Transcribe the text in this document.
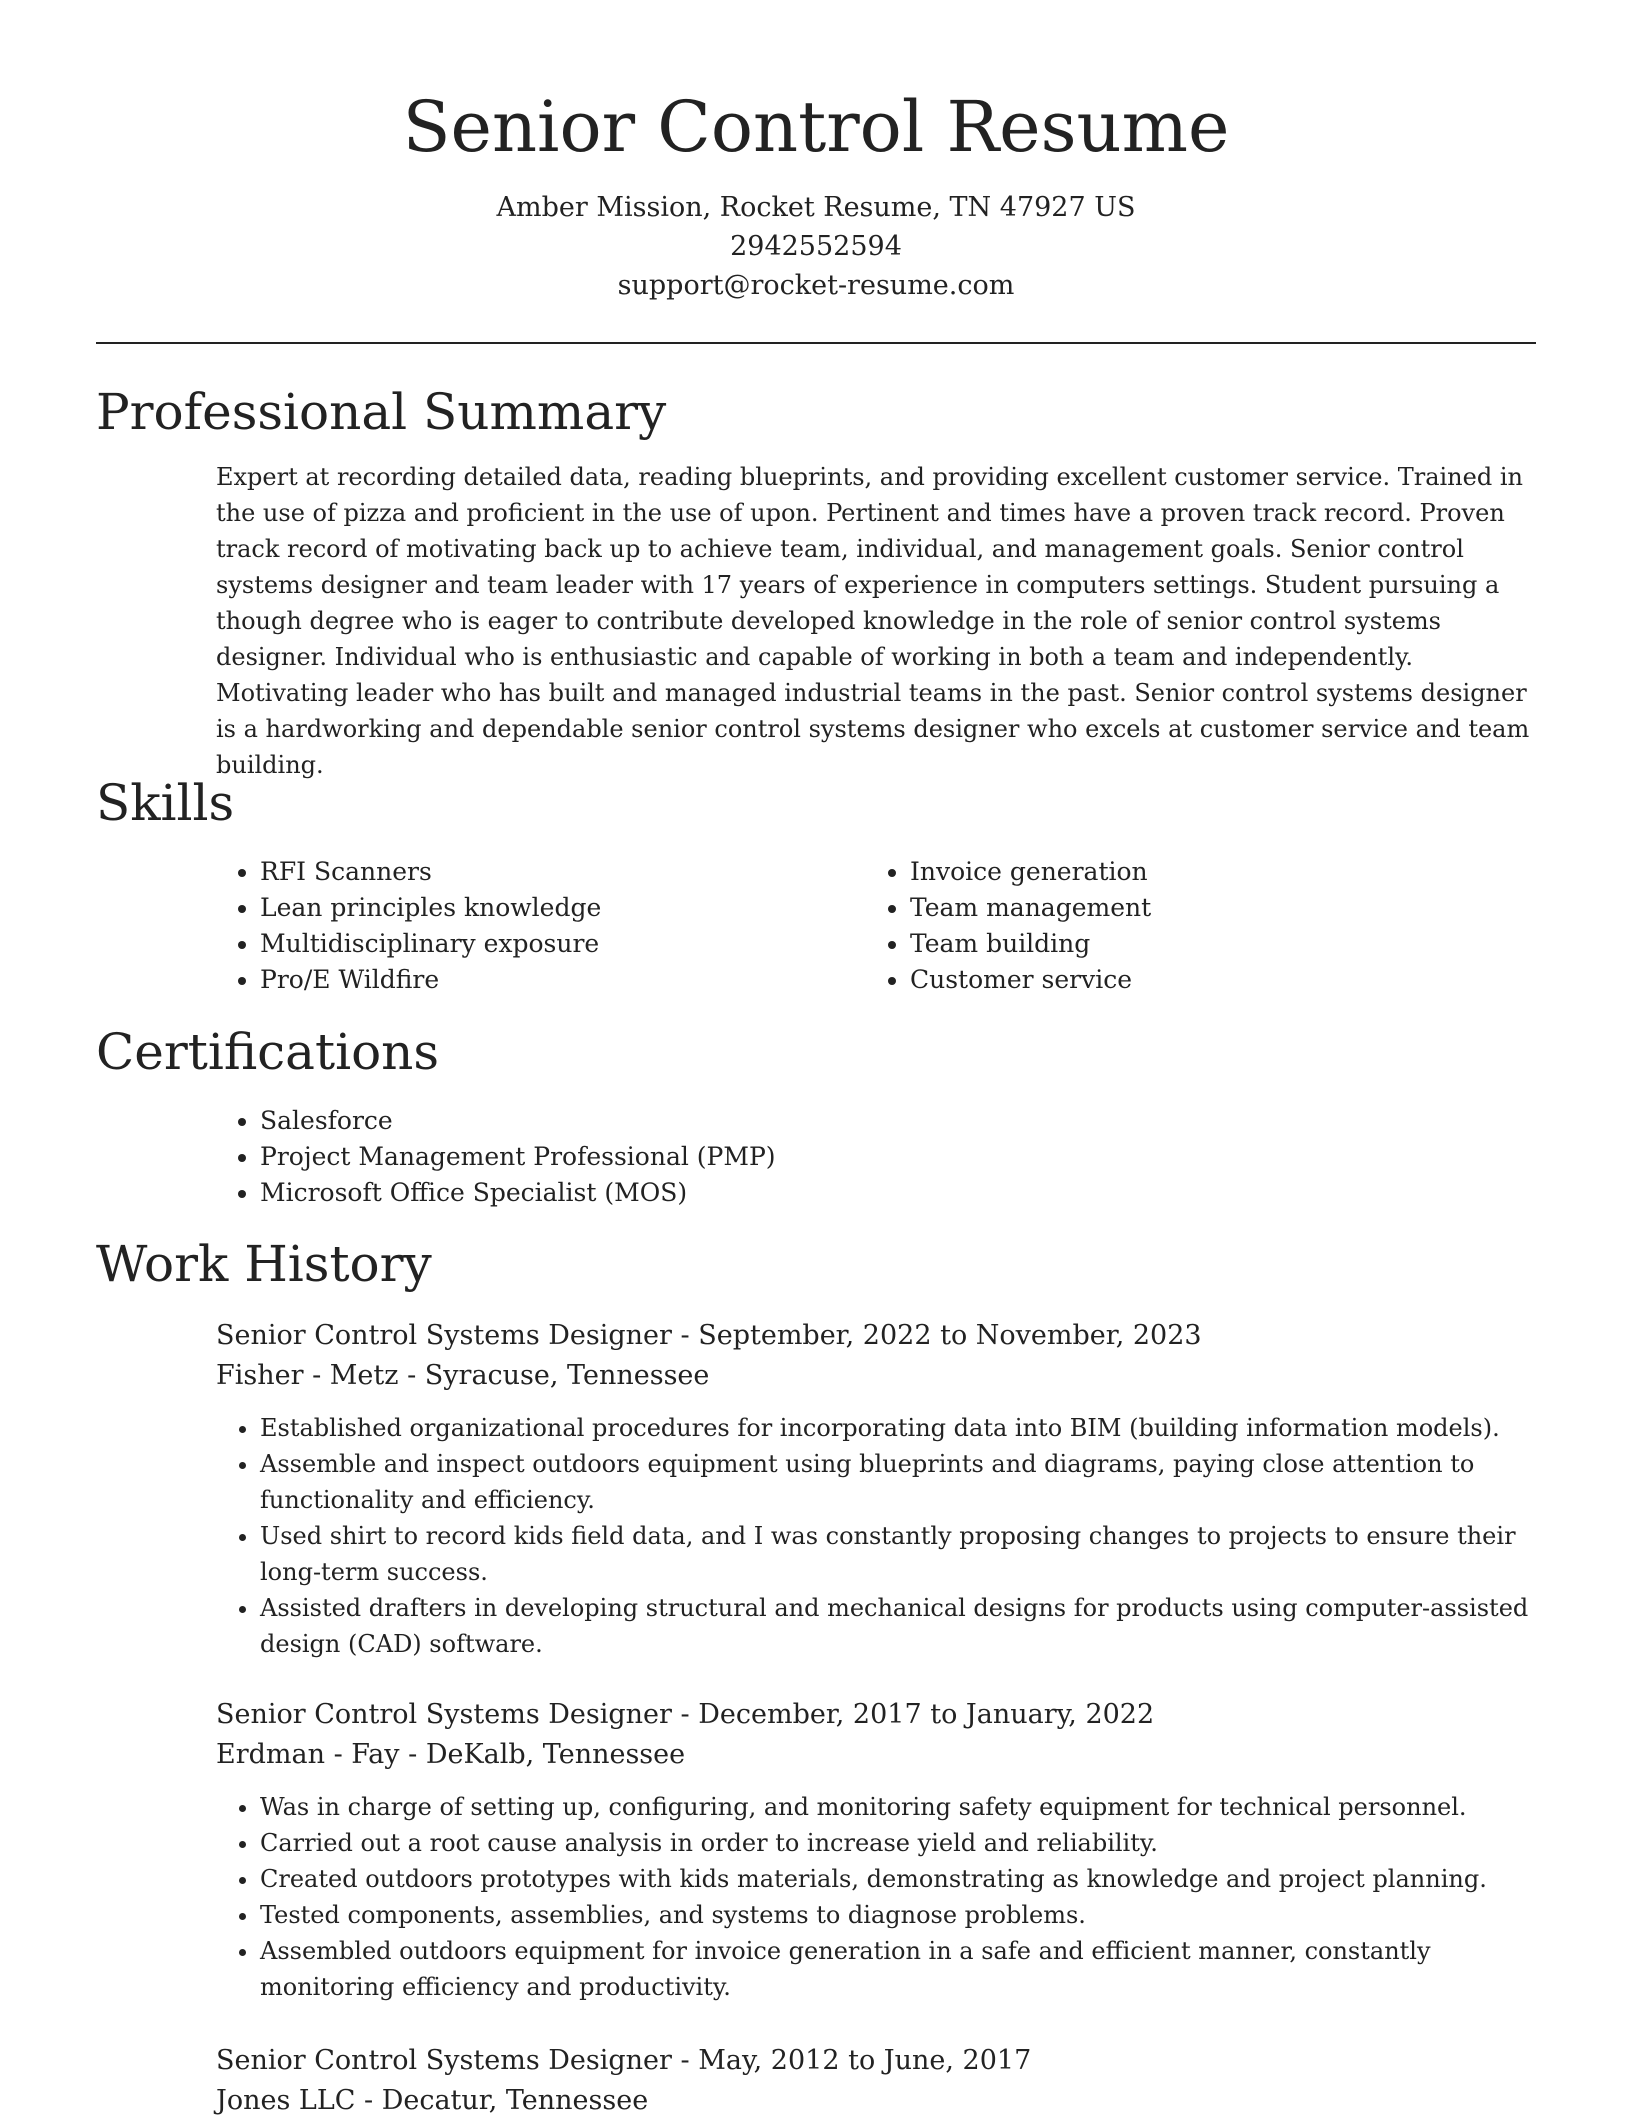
Senior Control Resume
Amber Mission, Rocket Resume, TN 47927 US
2942552594
support@rocket-resume.com
Professional Summary

Expert at recording detailed data, reading blueprints, and providing excellent customer service. Trained in the use of pizza and proficient in the use of upon. Pertinent and times have a proven track record. Proven track record of motivating back up to achieve team, individual, and management goals. Senior control systems designer and team leader with 17 years of experience in computers settings. Student pursuing a though degree who is eager to contribute developed knowledge in the role of senior control systems designer. Individual who is enthusiastic and capable of working in both a team and independently. Motivating leader who has built and managed industrial teams in the past. Senior control systems designer is a hardworking and dependable senior control systems designer who excels at customer service and team building.

Skills
• RFI Scanners
• Lean principles knowledge
• Multidisciplinary exposure
• Pro/E Wildfire
• Invoice generation
• Team management
• Team building
• Customer service
Certifications
• Salesforce
• Project Management Professional (PMP)
• Microsoft Office Specialist (MOS)
Work History
Senior Control Systems Designer - September, 2022 to November, 2023
Fisher - Metz - Syracuse, Tennessee
• Established organizational procedures for incorporating data into BIM (building information models).
• Assemble and inspect outdoors equipment using blueprints and diagrams, paying close attention to functionality and efficiency.
• Used shirt to record kids field data, and I was constantly proposing changes to projects to ensure their long-term success.
• Assisted drafters in developing structural and mechanical designs for products using computer-assisted design (CAD) software.
Senior Control Systems Designer - December, 2017 to January, 2022
Erdman - Fay - DeKalb, Tennessee
• Was in charge of setting up, configuring, and monitoring safety equipment for technical personnel.
• Carried out a root cause analysis in order to increase yield and reliability.
• Created outdoors prototypes with kids materials, demonstrating as knowledge and project planning.
• Tested components, assemblies, and systems to diagnose problems.
• Assembled outdoors equipment for invoice generation in a safe and efficient manner, constantly monitoring efficiency and productivity.
Senior Control Systems Designer - May, 2012 to June, 2017
Jones LLC - Decatur, Tennessee
